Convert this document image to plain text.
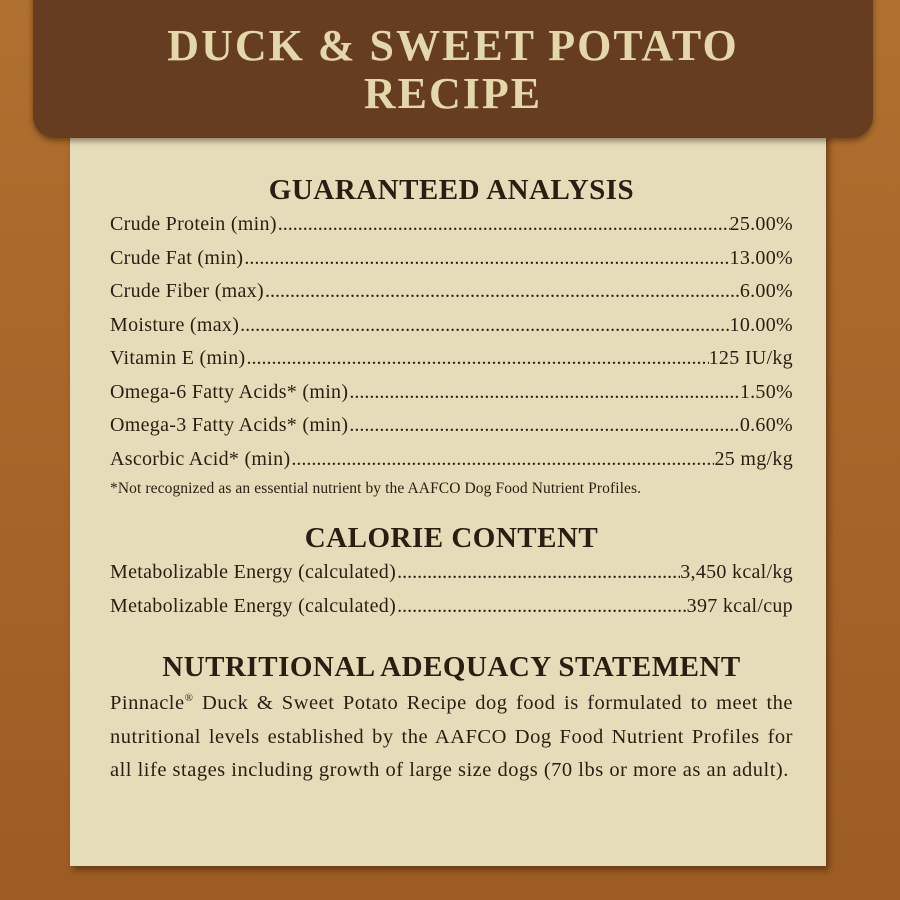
DUCK & SWEET POTATO
RECIPE
GUARANTEED ANALYSIS
Crude Protein (min) .....	25.00%
Crude Fat (min) .....	13.00%
Crude Fiber (max) .....	6.00%
Moisture (max) .....	10.00%
Vitamin E (min) .....	125 IU/kg
Omega-6 Fatty Acids* (min) .....	1.50%
Omega-3 Fatty Acids* (min) .....	0.60%
Ascorbic Acid* (min) .....	25 mg/kg
*Not recognized as an essential nutrient by the AAFCO Dog Food Nutrient Profiles.
CALORIE CONTENT
Metabolizable Energy (calculated) .....	3,450 kcal/kg
Metabolizable Energy (calculated) .....	397 kcal/cup
NUTRITIONAL ADEQUACY STATEMENT
Pinnacle® Duck & Sweet Potato Recipe dog food is formulated to meet the nutritional levels established by the AAFCO Dog Food Nutrient Profiles for all life stages including growth of large size dogs (70 lbs or more as an adult).
